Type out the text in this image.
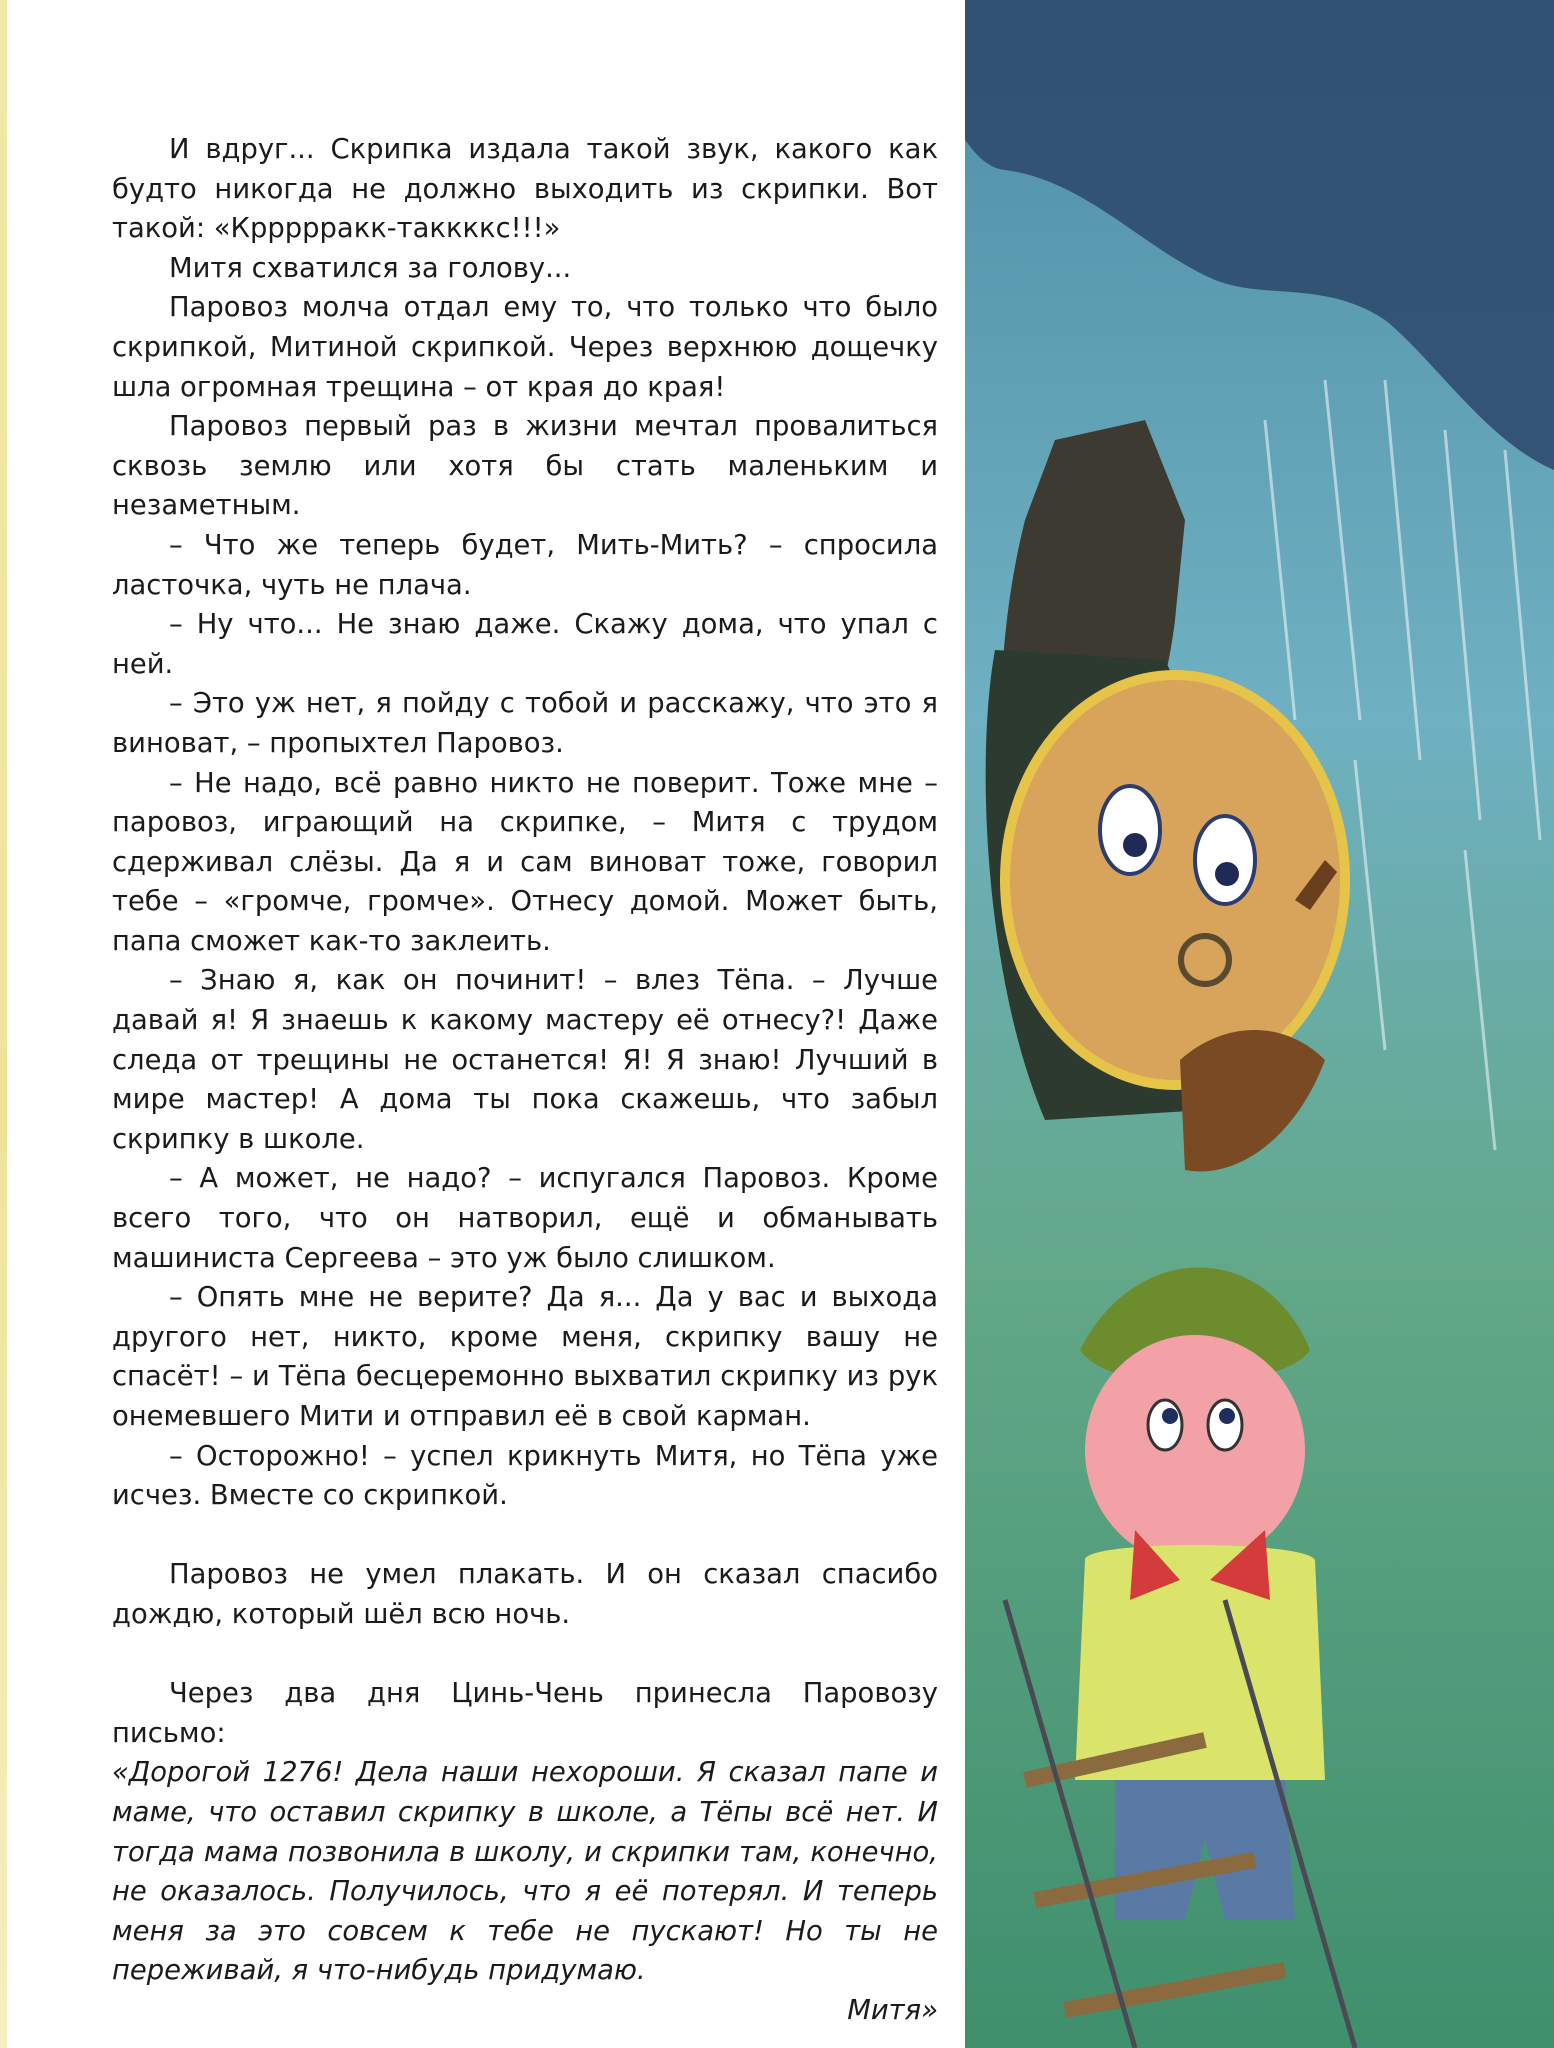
И вдруг... Скрипка издала такой звук, какого как будто никогда не должно выходить из скрипки. Вот такой: «Кррррракк-таккккс!!!»

Митя схватился за голову...

Паровоз молча отдал ему то, что только что было скрипкой, Митиной скрипкой. Через верхнюю дощечку шла огромная трещина – от края до края!

Паровоз первый раз в жизни мечтал провалиться сквозь землю или хотя бы стать маленьким и незаметным.

– Что же теперь будет, Мить-Мить? – спросила ласточка, чуть не плача.

– Ну что... Не знаю даже. Скажу дома, что упал с ней.

– Это уж нет, я пойду с тобой и расскажу, что это я виноват, – пропыхтел Паровоз.

– Не надо, всё равно никто не поверит. Тоже мне – паровоз, играющий на скрипке, – Митя с трудом сдерживал слёзы. Да я и сам виноват тоже, говорил тебе – «громче, громче». Отнесу домой. Может быть, папа сможет как-то заклеить.

– Знаю я, как он починит! – влез Тёпа. – Лучше давай я! Я знаешь к какому мастеру её отнесу?! Даже следа от трещины не останется! Я! Я знаю! Лучший в мире мастер! А дома ты пока скажешь, что забыл скрипку в школе.

– А может, не надо? – испугался Паровоз. Кроме всего того, что он натворил, ещё и обманывать машиниста Сергеева – это уж было слишком.

– Опять мне не верите? Да я... Да у вас и выхода другого нет, никто, кроме меня, скрипку вашу не спасёт! – и Тёпа бесцеремонно выхватил скрипку из рук онемевшего Мити и отправил её в свой карман.

– Осторожно! – успел крикнуть Митя, но Тёпа уже исчез. Вместе со скрипкой.

Паровоз не умел плакать. И он сказал спасибо дождю, который шёл всю ночь.

Через два дня Цинь-Чень принесла Паровозу письмо:

«Дорогой 1276! Дела наши нехороши. Я сказал папе и маме, что оставил скрипку в школе, а Тёпы всё нет. И тогда мама позвонила в школу, и скрипки там, конечно, не оказалось. Получилось, что я её потерял. И теперь меня за это совсем к тебе не пускают! Но ты не переживай, я что-нибудь придумаю.

Митя»
